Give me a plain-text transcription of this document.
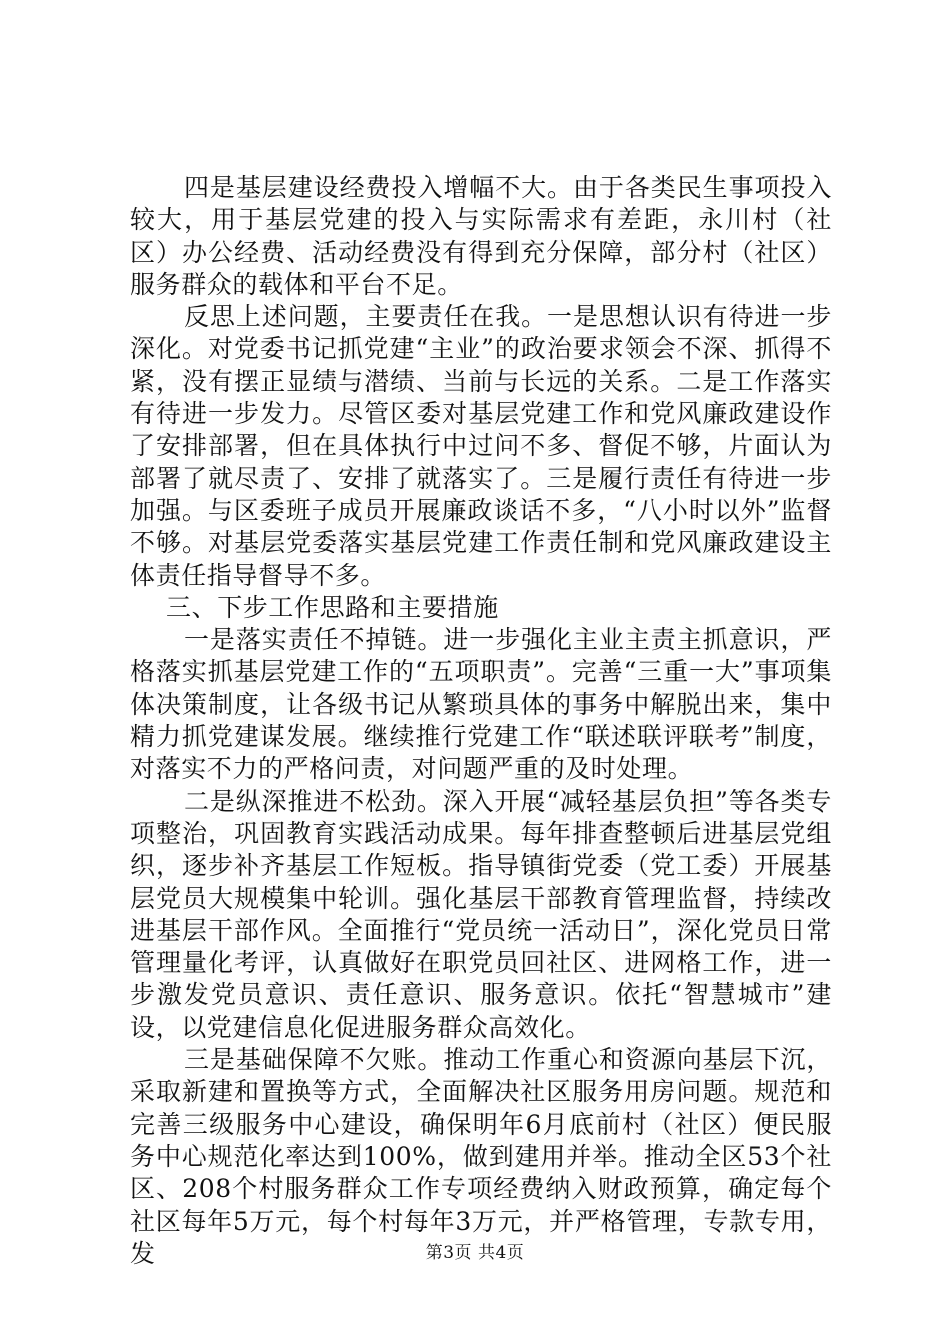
四是基层建设经费投入增幅不大。由于各类民生事项投入较大，用于基层党建的投入与实际需求有差距，永川村（社区）办公经费、活动经费没有得到充分保障，部分村（社区）服务群众的载体和平台不足。

反思上述问题，主要责任在我。一是思想认识有待进一步深化。对党委书记抓党建“主业”的政治要求领会不深、抓得不紧，没有摆正显绩与潜绩、当前与长远的关系。二是工作落实有待进一步发力。尽管区委对基层党建工作和党风廉政建设作了安排部署，但在具体执行中过问不多、督促不够，片面认为部署了就尽责了、安排了就落实了。三是履行责任有待进一步加强。与区委班子成员开展廉政谈话不多，“八小时以外”监督不够。对基层党委落实基层党建工作责任制和党风廉政建设主体责任指导督导不多。

三、下步工作思路和主要措施

一是落实责任不掉链。进一步强化主业主责主抓意识，严格落实抓基层党建工作的“五项职责”。完善“三重一大”事项集体决策制度，让各级书记从繁琐具体的事务中解脱出来，集中精力抓党建谋发展。继续推行党建工作“联述联评联考”制度，对落实不力的严格问责，对问题严重的及时处理。

二是纵深推进不松劲。深入开展“减轻基层负担”等各类专项整治，巩固教育实践活动成果。每年排查整顿后进基层党组织，逐步补齐基层工作短板。指导镇街党委（党工委）开展基层党员大规模集中轮训。强化基层干部教育管理监督，持续改进基层干部作风。全面推行“党员统一活动日”，深化党员日常管理量化考评，认真做好在职党员回社区、进网格工作，进一步激发党员意识、责任意识、服务意识。依托“智慧城市”建设，以党建信息化促进服务群众高效化。

三是基础保障不欠账。推动工作重心和资源向基层下沉，采取新建和置换等方式，全面解决社区服务用房问题。规范和完善三级服务中心建设，确保明年6月底前村（社区）便民服务中心规范化率达到100%，做到建用并举。推动全区53个社区、208个村服务群众工作专项经费纳入财政预算，确定每个社区每年5万元，每个村每年3万元，并严格管理，专款专用，发	第3页 共4页
